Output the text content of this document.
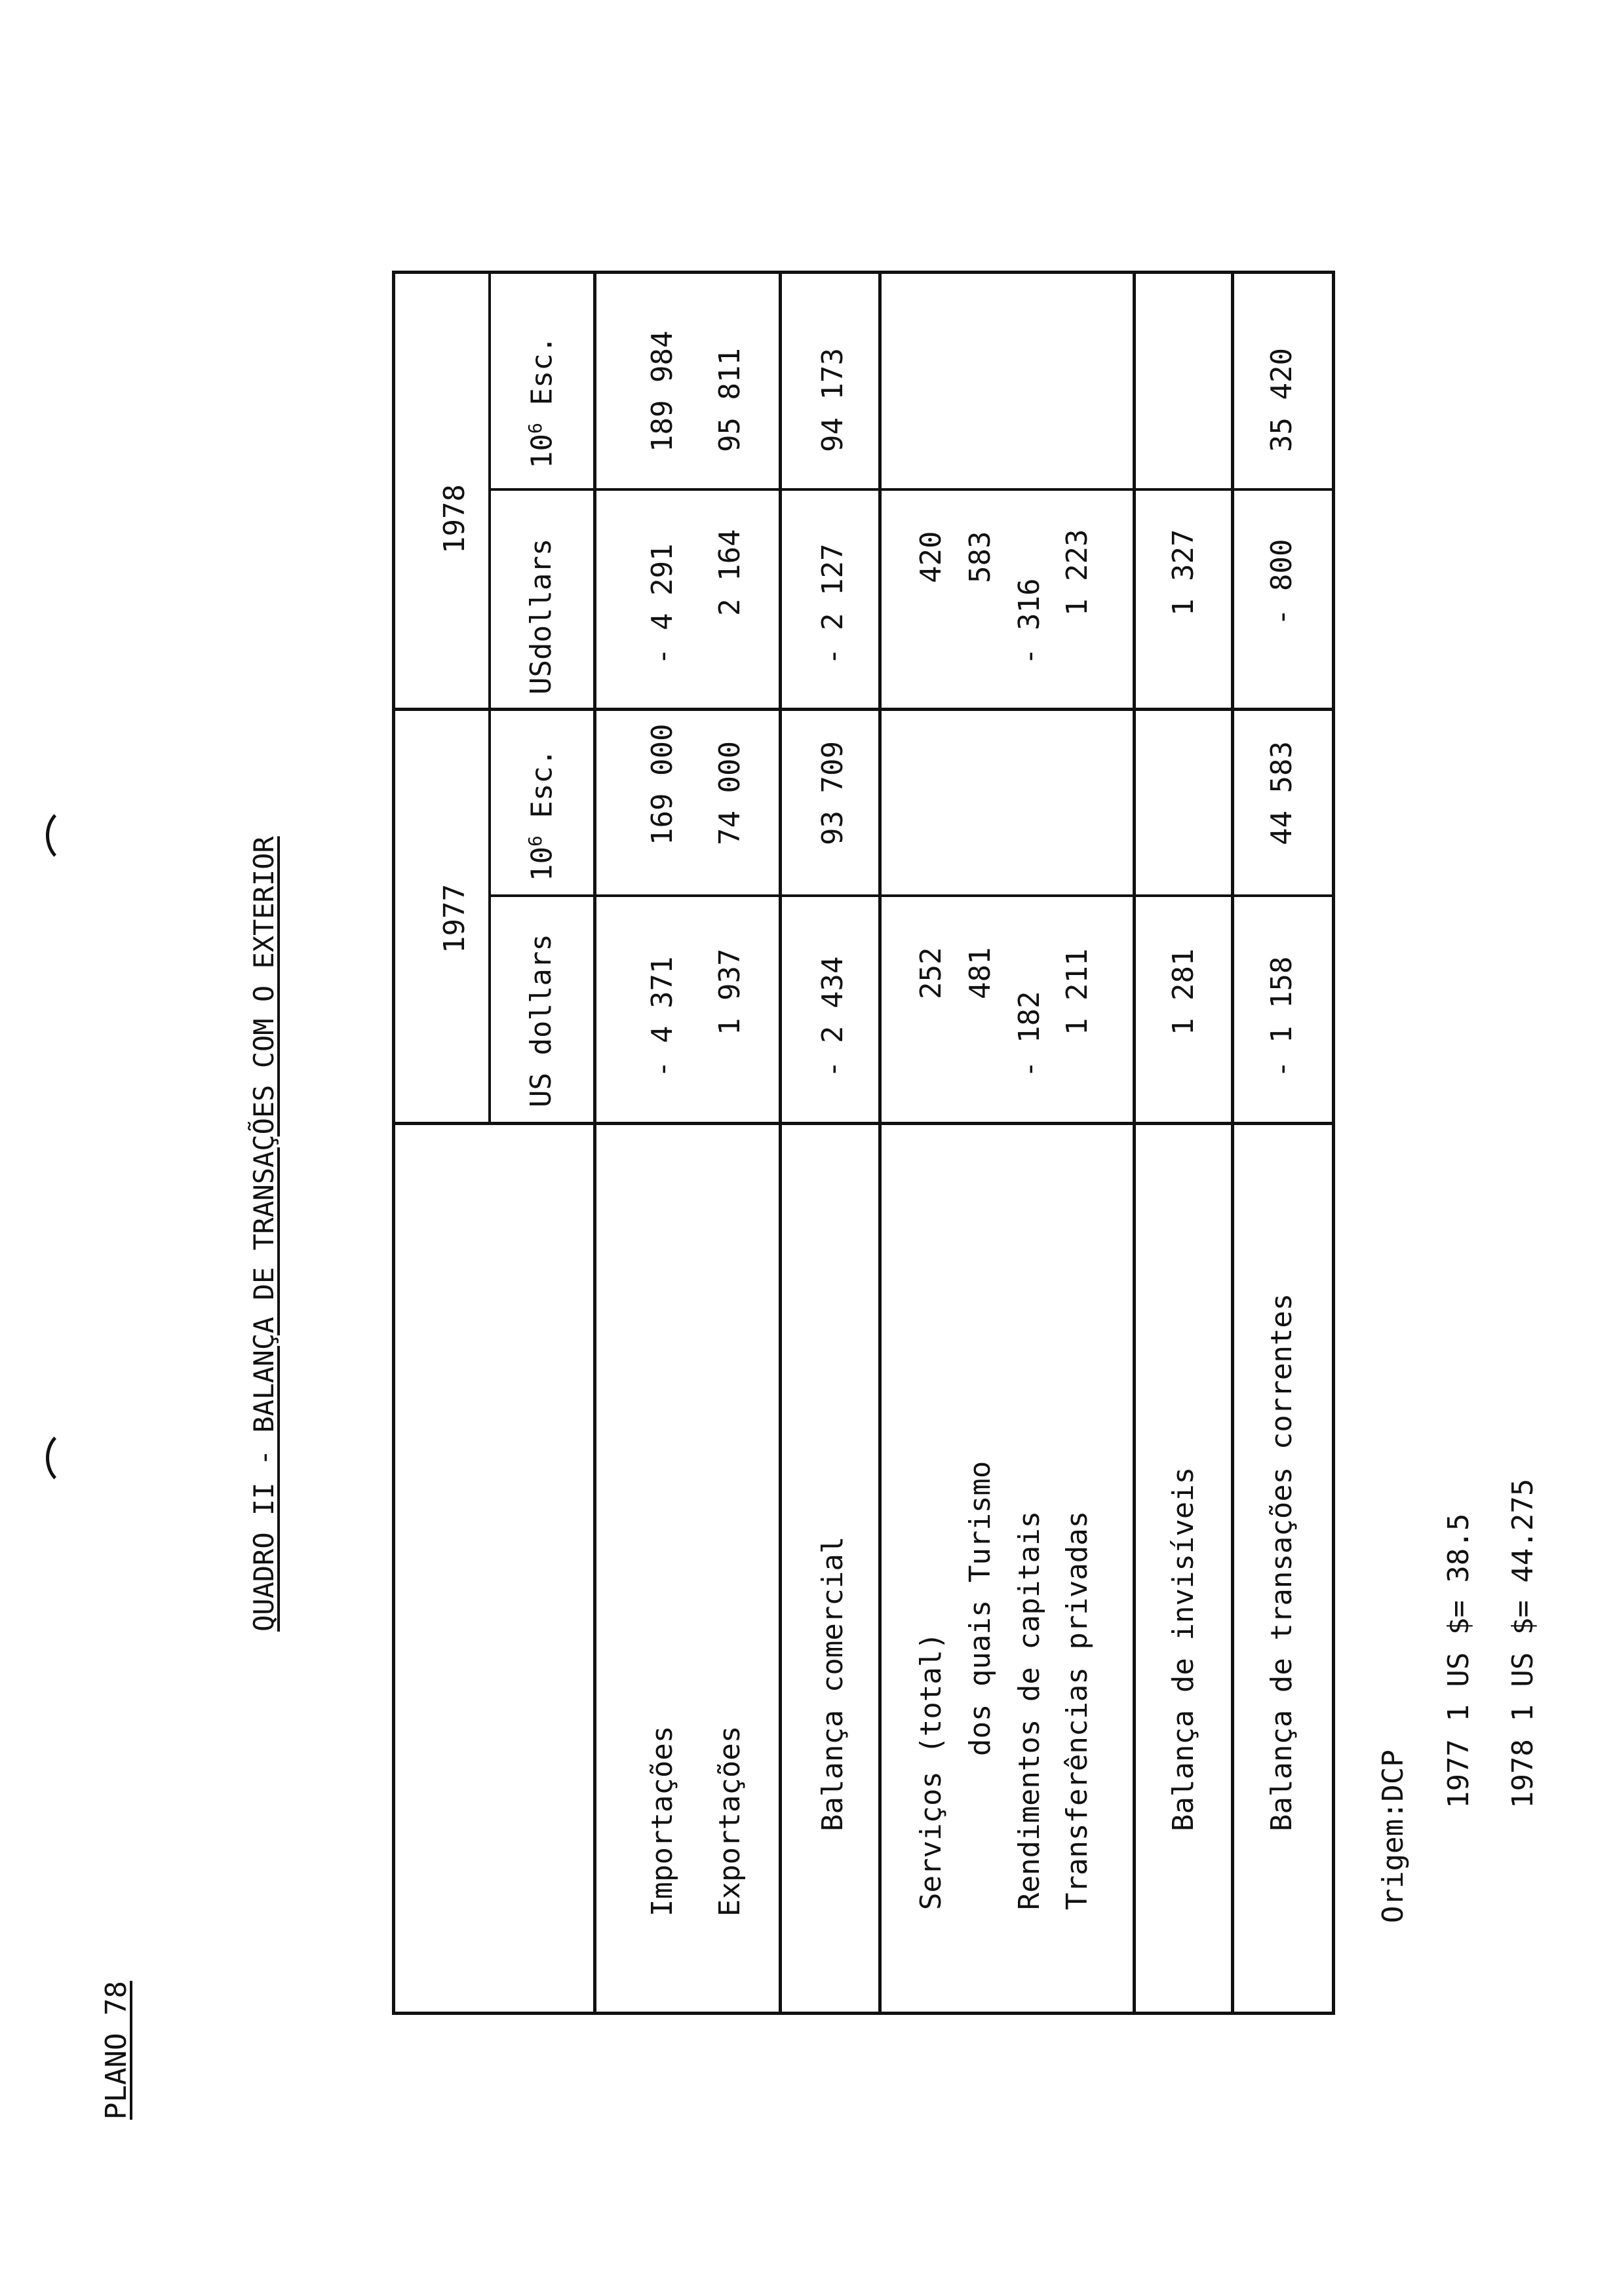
PLANO 78
QUADRO II - BALANÇA DE TRANSAÇÕES COM O EXTERIOR	1977
1978
US dollars
$10^6$ Esc.
USdollars
$10^6$ Esc.
Importações
- 4 371
169 000
- 4 291
189 984
Exportações
1 937
74 000
2 164
95 811
Balança comercial
- 2 434
93 709
- 2 127
94 173
Serviços (total)
252
420
dos quais Turismo
481
583
Rendimentos de capitais
- 182
- 316
Transferências privadas
1 211
1 223
Balança de invisíveis
1 281
1 327
Balança de transações correntes
- 1 158
44 583
- 800
35 420
Origem:DCP
1977 1 US $= 38.5 1978 1 US $= 44.275
